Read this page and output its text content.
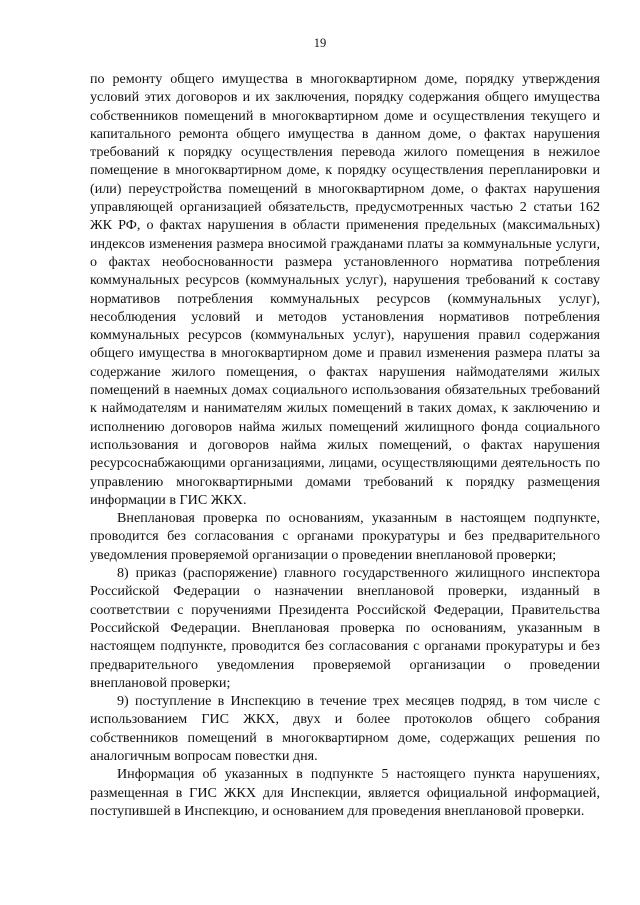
19

по ремонту общего имущества в многоквартирном доме, порядку утверждения условий этих договоров и их заключения, порядку содержания общего имущества собственников помещений в многоквартирном доме и осуществления текущего и капитального ремонта общего имущества в данном доме, о фактах нарушения требований к порядку осуществления перевода жилого помещения в нежилое помещение в многоквартирном доме, к порядку осуществления перепланировки и (или) переустройства помещений в многоквартирном доме, о фактах нарушения управляющей организацией обязательств, предусмотренных частью 2 статьи 162 ЖК РФ, о фактах нарушения в области применения предельных (максимальных) индексов изменения размера вносимой гражданами платы за коммунальные услуги, о фактах необоснованности размера установленного норматива потребления коммунальных ресурсов (коммунальных услуг), нарушения требований к составу нормативов потребления коммунальных ресурсов (коммунальных услуг), несоблюдения условий и методов установления нормативов потребления коммунальных ресурсов (коммунальных услуг), нарушения правил содержания общего имущества в многоквартирном доме и правил изменения размера платы за содержание жилого помещения, о фактах нарушения наймодателями жилых помещений в наемных домах социального использования обязательных требований к наймодателям и нанимателям жилых помещений в таких домах, к заключению и исполнению договоров найма жилых помещений жилищного фонда социального использования и договоров найма жилых помещений, о фактах нарушения ресурсоснабжающими организациями, лицами, осуществляющими деятельность по управлению многоквартирными домами требований к порядку размещения информации в ГИС ЖКХ.

Внеплановая проверка по основаниям, указанным в настоящем подпункте, проводится без согласования с органами прокуратуры и без предварительного уведомления проверяемой организации о проведении внеплановой проверки;

8) приказ (распоряжение) главного государственного жилищного инспектора Российской Федерации о назначении внеплановой проверки, изданный в соответствии с поручениями Президента Российской Федерации, Правительства Российской Федерации. Внеплановая проверка по основаниям, указанным в настоящем подпункте, проводится без согласования с органами прокуратуры и без предварительного уведомления проверяемой организации о проведении внеплановой проверки;

9) поступление в Инспекцию в течение трех месяцев подряд, в том числе с использованием ГИС ЖКХ, двух и более протоколов общего собрания собственников помещений в многоквартирном доме, содержащих решения по аналогичным вопросам повестки дня.

Информация об указанных в подпункте 5 настоящего пункта нарушениях, размещенная в ГИС ЖКХ для Инспекции, является официальной информацией, поступившей в Инспекцию, и основанием для проведения внеплановой проверки.
